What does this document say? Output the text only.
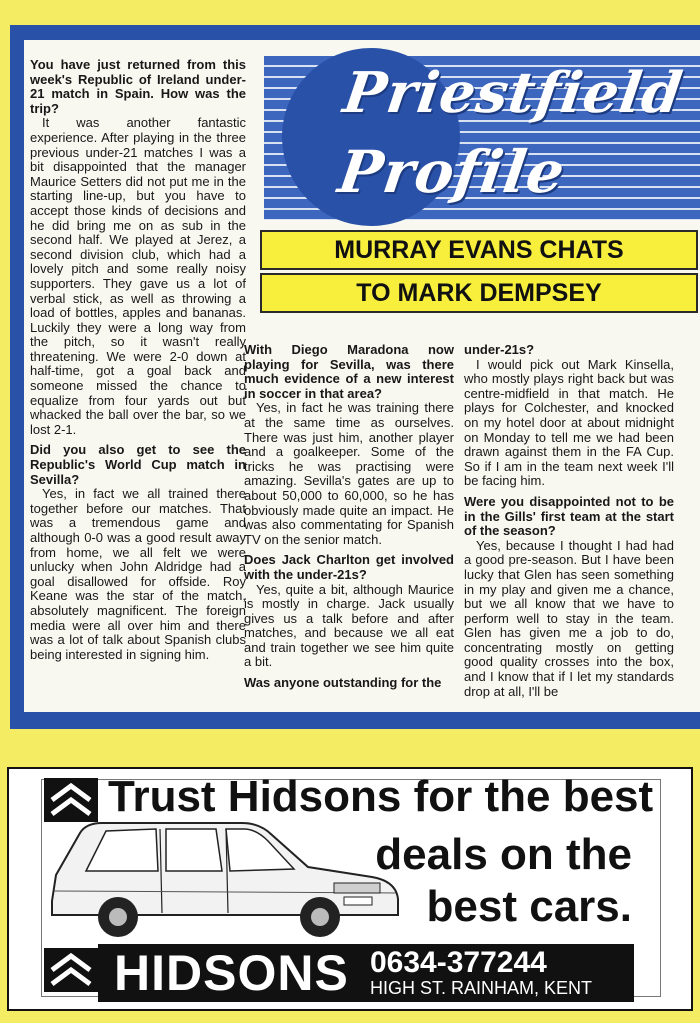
Priestfield
Profile
MURRAY EVANS CHATS
TO MARK DEMPSEY

You have just returned from this week's Republic of Ireland under-21 match in Spain. How was the trip?

It was another fantastic experience. After playing in the three previous under-21 matches I was a bit disappointed that the manager Maurice Setters did not put me in the starting line-up, but you have to accept those kinds of decisions and he did bring me on as sub in the second half. We played at Jerez, a second division club, which had a lovely pitch and some really noisy supporters. They gave us a lot of verbal stick, as well as throwing a load of bottles, apples and bananas. Luckily they were a long way from the pitch, so it wasn't really threatening. We were 2-0 down at half-time, got a goal back and someone missed the chance to equalize from four yards out but whacked the ball over the bar, so we lost 2-1.

Did you also get to see the Republic's World Cup match in Sevilla?

Yes, in fact we all trained there together before our matches. That was a tremendous game and although 0-0 was a good result away from home, we all felt we were unlucky when John Aldridge had a goal disallowed for offside. Roy Keane was the star of the match, absolutely magnificent. The foreign media were all over him and there was a lot of talk about Spanish clubs being interested in signing him.

With Diego Maradona now playing for Sevilla, was there much evidence of a new interest in soccer in that area?

Yes, in fact he was training there at the same time as ourselves. There was just him, another player and a goalkeeper. Some of the tricks he was practising were amazing. Sevilla's gates are up to about 50,000 to 60,000, so he has obviously made quite an impact. He was also commentating for Spanish TV on the senior match.

Does Jack Charlton get involved with the under-21s?

Yes, quite a bit, although Maurice is mostly in charge. Jack usually gives us a talk before and after matches, and because we all eat and train together we see him quite a bit.

Was anyone outstanding for the

under-21s?

I would pick out Mark Kinsella, who mostly plays right back but was centre-midfield in that match. He plays for Colchester, and knocked on my hotel door at about midnight on Monday to tell me we had been drawn against them in the FA Cup. So if I am in the team next week I'll be facing him.

Were you disappointed not to be in the Gills' first team at the start of the season?

Yes, because I thought I had had a good pre-season. But I have been lucky that Glen has seen something in my play and given me a chance, but we all know that we have to perform well to stay in the team. Glen has given me a job to do, concentrating mostly on getting good quality crosses into the box, and I know that if I let my standards drop at all, I'll be

Trust Hidsons for the best
deals on the
best cars.
HIDSONS 0634-377244
HIGH ST. RAINHAM, KENT
